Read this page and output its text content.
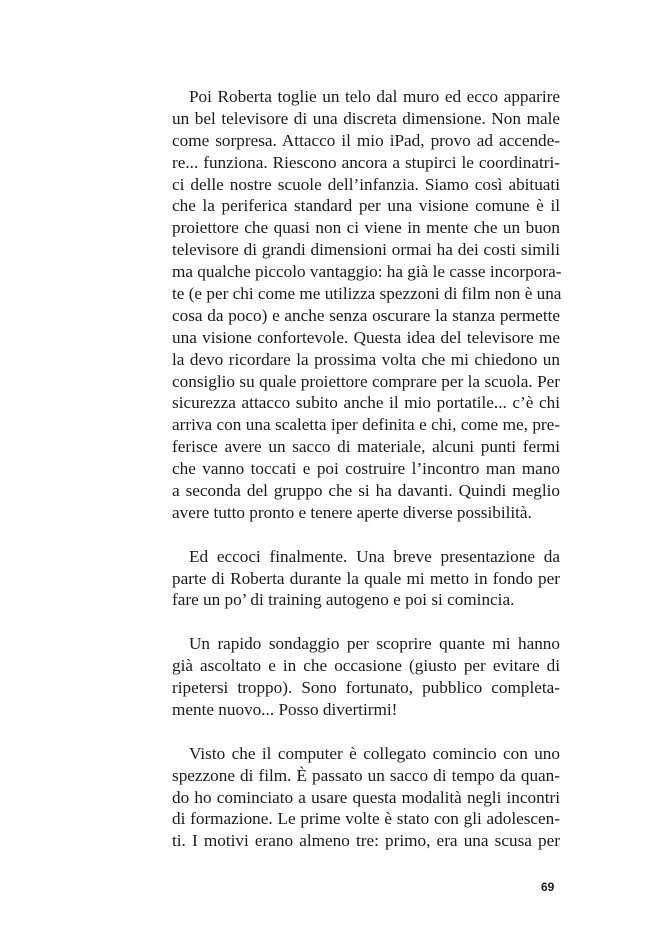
Poi Roberta toglie un telo dal muro ed ecco apparire
un bel televisore di una discreta dimensione. Non male
come sorpresa. Attacco il mio iPad, provo ad accende-
re... funziona. Riescono ancora a stupirci le coordinatri-
ci delle nostre scuole dell’infanzia. Siamo così abituati
che la periferica standard per una visione comune è il
proiettore che quasi non ci viene in mente che un buon
televisore di grandi dimensioni ormai ha dei costi simili
ma qualche piccolo vantaggio: ha già le casse incorpora-
te (e per chi come me utilizza spezzoni di film non è una
cosa da poco) e anche senza oscurare la stanza permette
una visione confortevole. Questa idea del televisore me
la devo ricordare la prossima volta che mi chiedono un
consiglio su quale proiettore comprare per la scuola. Per
sicurezza attacco subito anche il mio portatile... c’è chi
arriva con una scaletta iper definita e chi, come me, pre-
ferisce avere un sacco di materiale, alcuni punti fermi
che vanno toccati e poi costruire l’incontro man mano
a seconda del gruppo che si ha davanti. Quindi meglio
avere tutto pronto e tenere aperte diverse possibilità.
Ed eccoci finalmente. Una breve presentazione da
parte di Roberta durante la quale mi metto in fondo per
fare un po’ di training autogeno e poi si comincia.
Un rapido sondaggio per scoprire quante mi hanno
già ascoltato e in che occasione (giusto per evitare di
ripetersi troppo). Sono fortunato, pubblico completa-
mente nuovo... Posso divertirmi!
Visto che il computer è collegato comincio con uno
spezzone di film. È passato un sacco di tempo da quan-
do ho cominciato a usare questa modalità negli incontri
di formazione. Le prime volte è stato con gli adolescen-
ti. I motivi erano almeno tre: primo, era una scusa per
69
